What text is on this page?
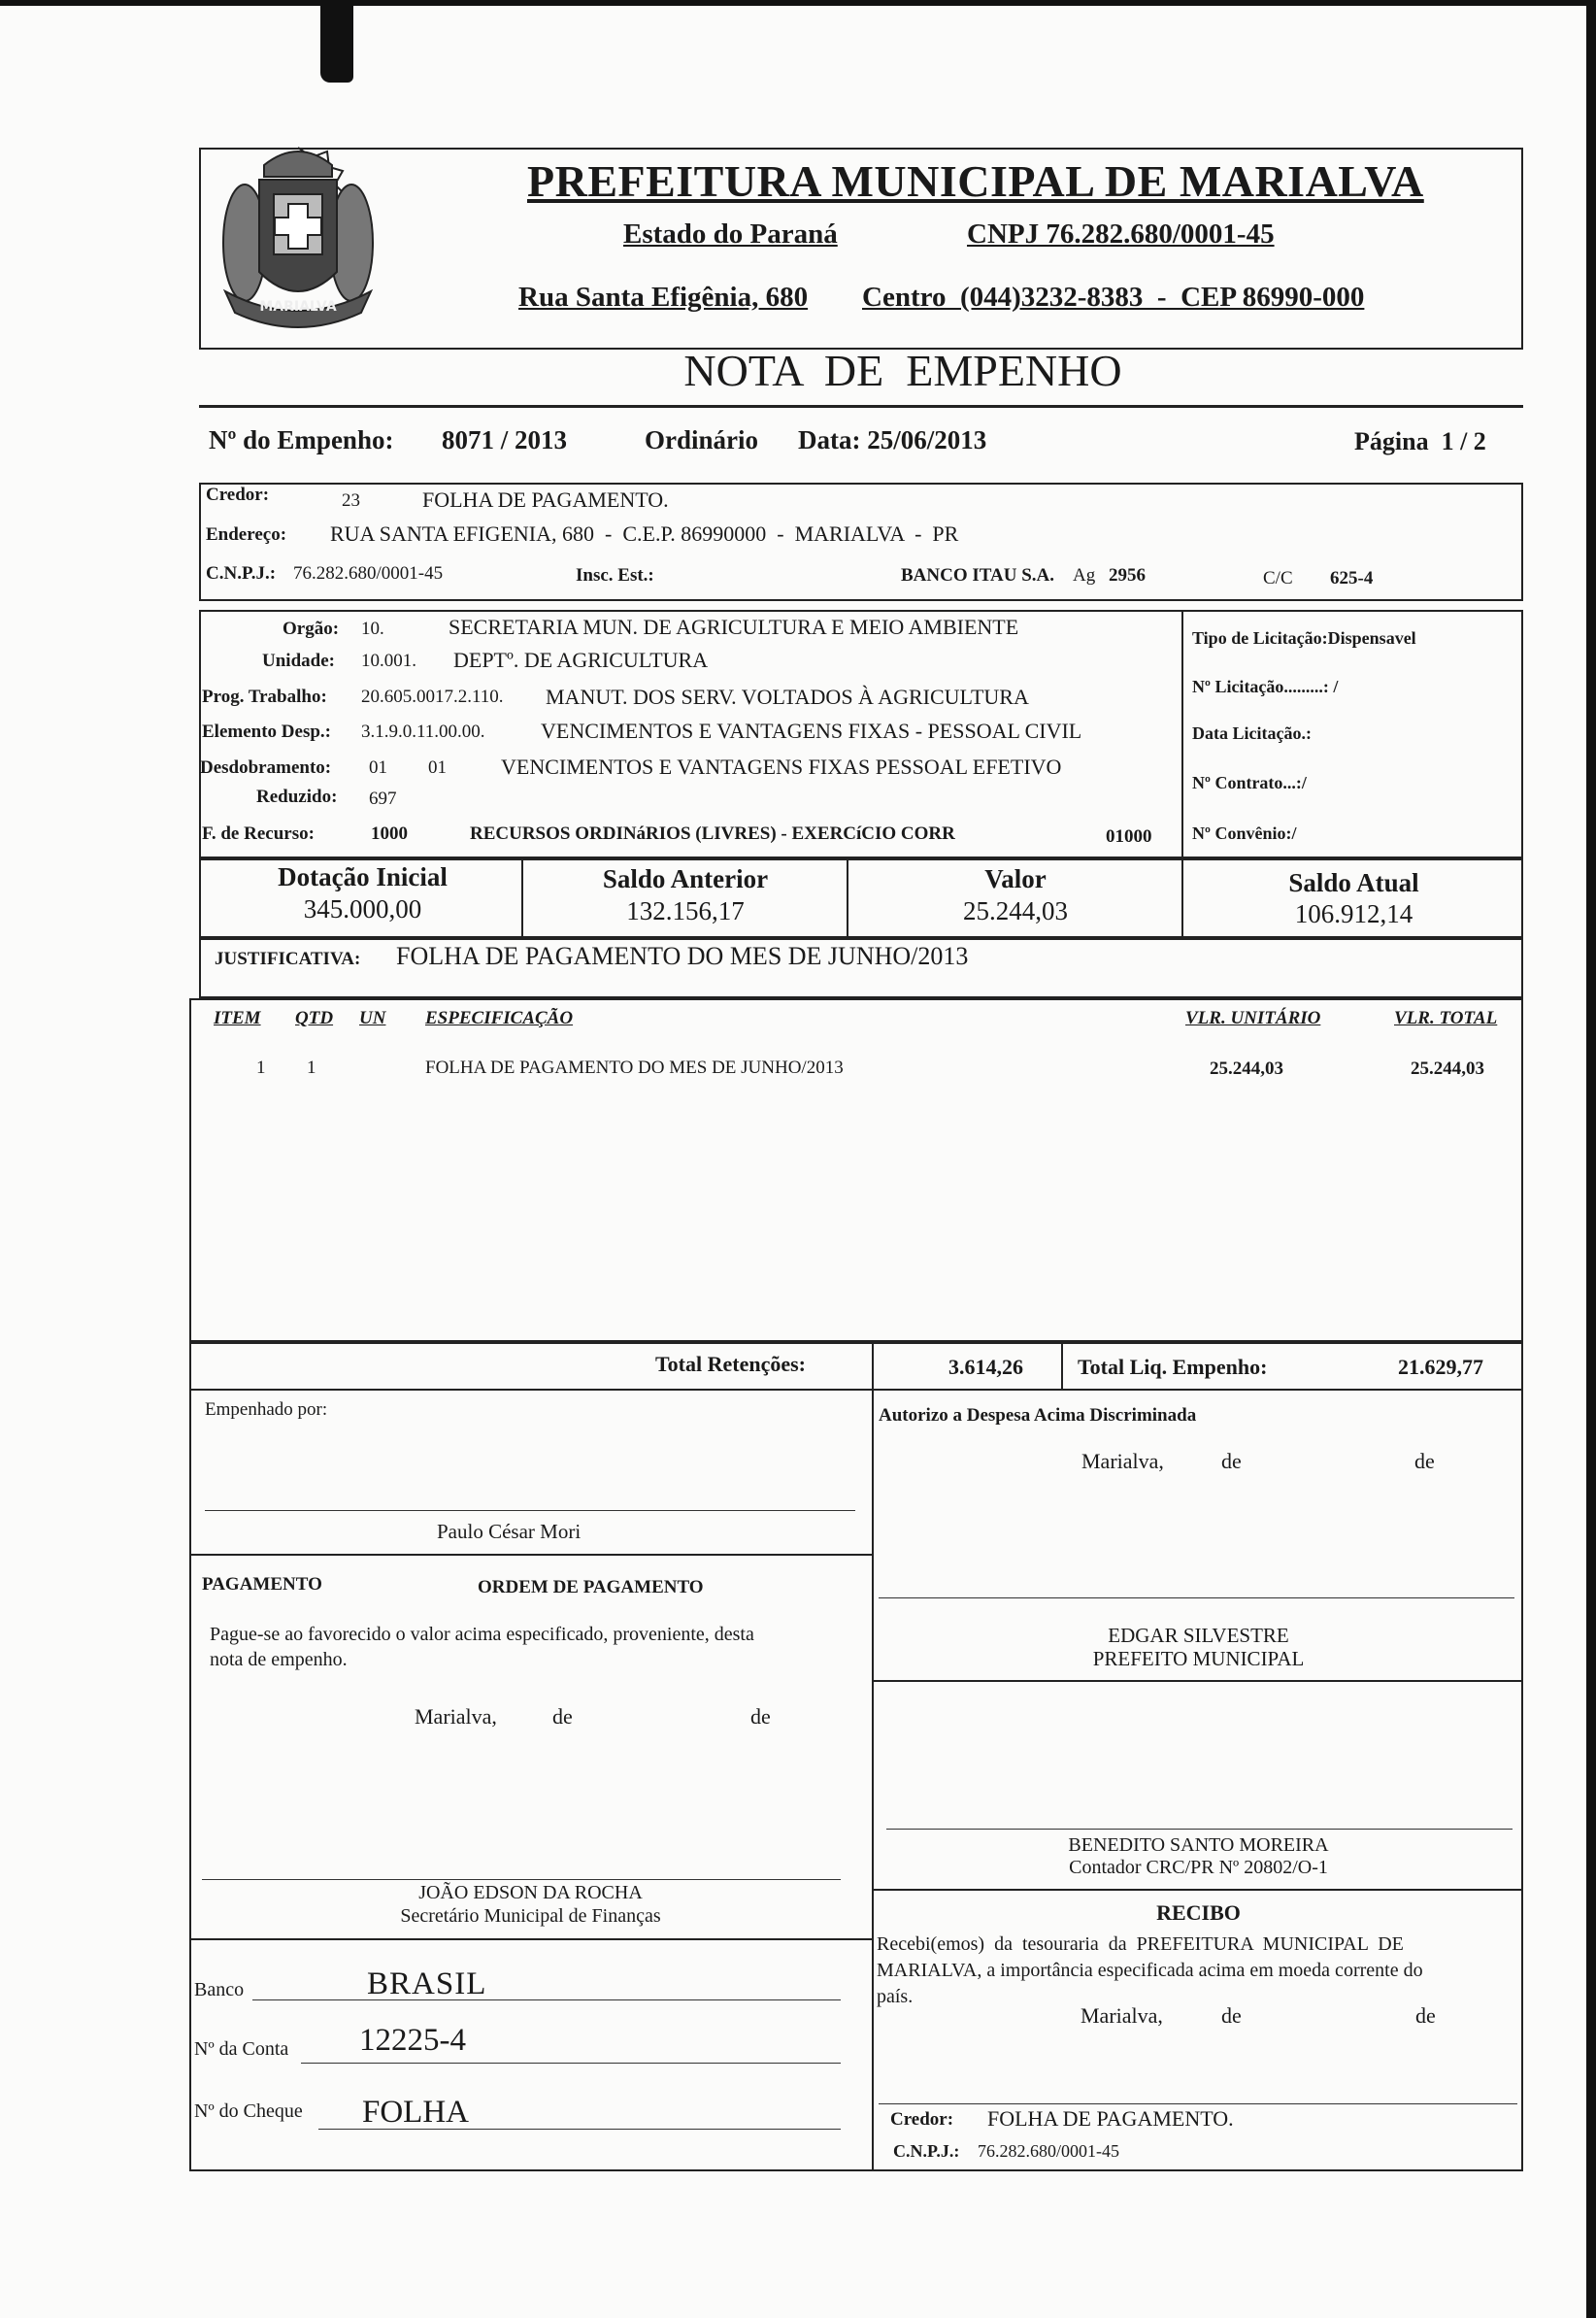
MARIALVA
PREFEITURA MUNICIPAL DE MARIALVA
Estado do Paraná	CNPJ 76.282.680/0001-45
Rua Santa Efigênia, 680 Centro  (044)3232-8383  -  CEP 86990-000
NOTA  DE  EMPENHO
Nº do Empenho: 8071 / 2013	Ordinário Data: 25/06/2013	Página  1 / 2
Credor:	23	FOLHA DE PAGAMENTO.
Endereço: RUA SANTA EFIGENIA, 680  -  C.E.P. 86990000  -  MARIALVA  -  PR
C.N.P.J.: 76.282.680/0001-45	Insc. Est.:	BANCO ITAU S.A. Ag 2956	C/C 625-4
Orgão: 10.	SECRETARIA MUN. DE AGRICULTURA E MEIO AMBIENTE
Unidade: 10.001. DEPTº. DE AGRICULTURA
Prog. Trabalho: 20.605.0017.2.110. MANUT. DOS SERV. VOLTADOS À AGRICULTURA
Elemento Desp.: 3.1.9.0.11.00.00.	VENCIMENTOS E VANTAGENS FIXAS - PESSOAL CIVIL
Desdobramento: 01 01	VENCIMENTOS E VANTAGENS FIXAS PESSOAL EFETIVO
Reduzido: 697
F. de Recurso:	1000	RECURSOS ORDINáRIOS (LIVRES) - EXERCíCIO CORR	01000
Tipo de Licitação:Dispensavel
Nº Licitação.........: /
Data Licitação.:
Nº Contrato...:/
Nº Convênio:/
Dotação Inicial
345.000,00
Saldo Anterior
132.156,17
Valor
25.244,03
Saldo Atual
106.912,14
JUSTIFICATIVA: FOLHA DE PAGAMENTO DO MES DE JUNHO/2013
ITEM QTD UN ESPECIFICAÇÃO	VLR. UNITÁRIO	VLR. TOTAL
1 1	FOLHA DE PAGAMENTO DO MES DE JUNHO/2013	25.244,03	25.244,03
Total Retenções:	3.614,26	Total Liq. Empenho:	21.629,77
Empenhado por:
Paulo César Mori
Autorizo a Despesa Acima Discriminada
Marialva,	de	de
EDGAR SILVESTRE
PREFEITO MUNICIPAL
PAGAMENTO	ORDEM DE PAGAMENTO
Pague-se ao favorecido o valor acima especificado, proveniente, desta
nota de empenho.
Marialva,	de	de
BENEDITO SANTO MOREIRA
Contador CRC/PR Nº 20802/O-1
JOÃO EDSON DA ROCHA
Secretário Municipal de Finanças	RECIBO
Recebi(emos)  da  tesouraria  da  PREFEITURA  MUNICIPAL  DE
MARIALVA, a importância especificada acima em moeda corrente do
país.
Marialva,	de	de
Banco	BRASIL
Nº da Conta 12225-4
Nº do Cheque FOLHA	Credor: FOLHA DE PAGAMENTO.
C.N.P.J.: 76.282.680/0001-45
